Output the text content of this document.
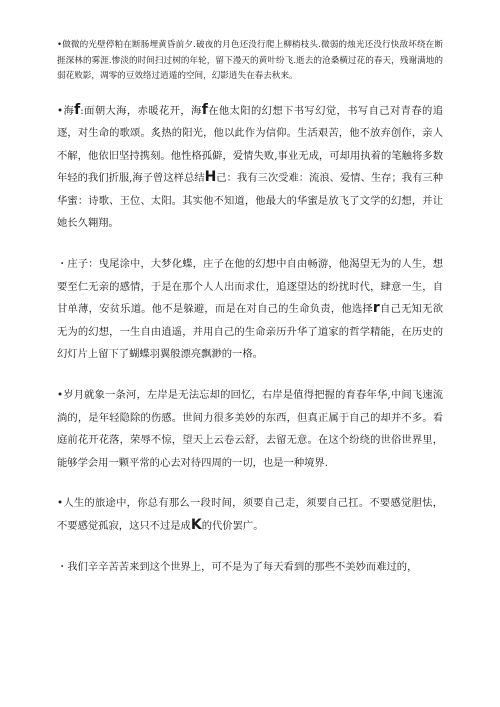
•做微的光壁停粕在断肠埋黄昏前夕.破夜的月色还没行爬上柳梢枝头.微弱的烛光还没行快敌坏绕在断捱深林的雾涯.惨淡的时间扫过树的年轮，留下漫天的黄叶纷飞.逝去的沧桑横过花的春天，残谢满地的弱花败影，凋零的豆效络过逍遁的空间，幻影逍失在春去秋来。

•海f:面朝大海，赤暖花开，海f在他太阳的幻想下书写幻觉，书写自己对青春的追逐，对生命的歌颂。炙热的阳光，他以此作为信仰。生活艰苦，他不放弃创作，亲人不解，他依旧坚持携刻。他性格孤僻，爱情失败,事业无成，可却用执着的笔触将多数年轻的我们折服,海子曾这样总结H己：我有三次受难：流浪、爱情、生存；我有三种华蜜：诗歌、王位、太阳。其实他不知道，他最大的华蜜是放飞了文学的幻想，并让她长久翱翔。

・庄子：曳尾涂中，大梦化蝶，庄子在他的幻想中自由畅游，他渴望无为的人生，想要至仁无亲的感情，于是在那个人人出而求仕，追逐望达的纷扰时代，肆意一生，自甘单薄，安贫乐道。他不是躲避，而是在对自己的生命负责，他选择r自己无知无欲无为的幻想，一生自由逍遥，并用自己的生命亲历升华了道家的哲学精能，在历史的幻灯片上留下了蝴蝶羽翼般漂亮飘渺的一格。

•岁月就象一条河，左岸是无法忘却的回忆，右岸是值得把握的育春年华,中间飞速流淌的，是年轻隐除的伤感。世间力很多美妙的东西，但真正属于自己的却并不多。看庭前花开花落，荣辱不惊，望天上云卷云舒，去留无意。在这个纷绕的世俗世界里，能够学会用一颗平常的心去对待四周的一切，也是一种境界.

•人生的旅途中，你总有那么一段时间，须要自己走，须要自己扛。不要感觉胆怯，不要感觉孤寂，这只不过是成K的代价罢广。

・我们辛辛苦苦来到这个世界上，可不是为了每天看到的那些不美妙而难过的，
